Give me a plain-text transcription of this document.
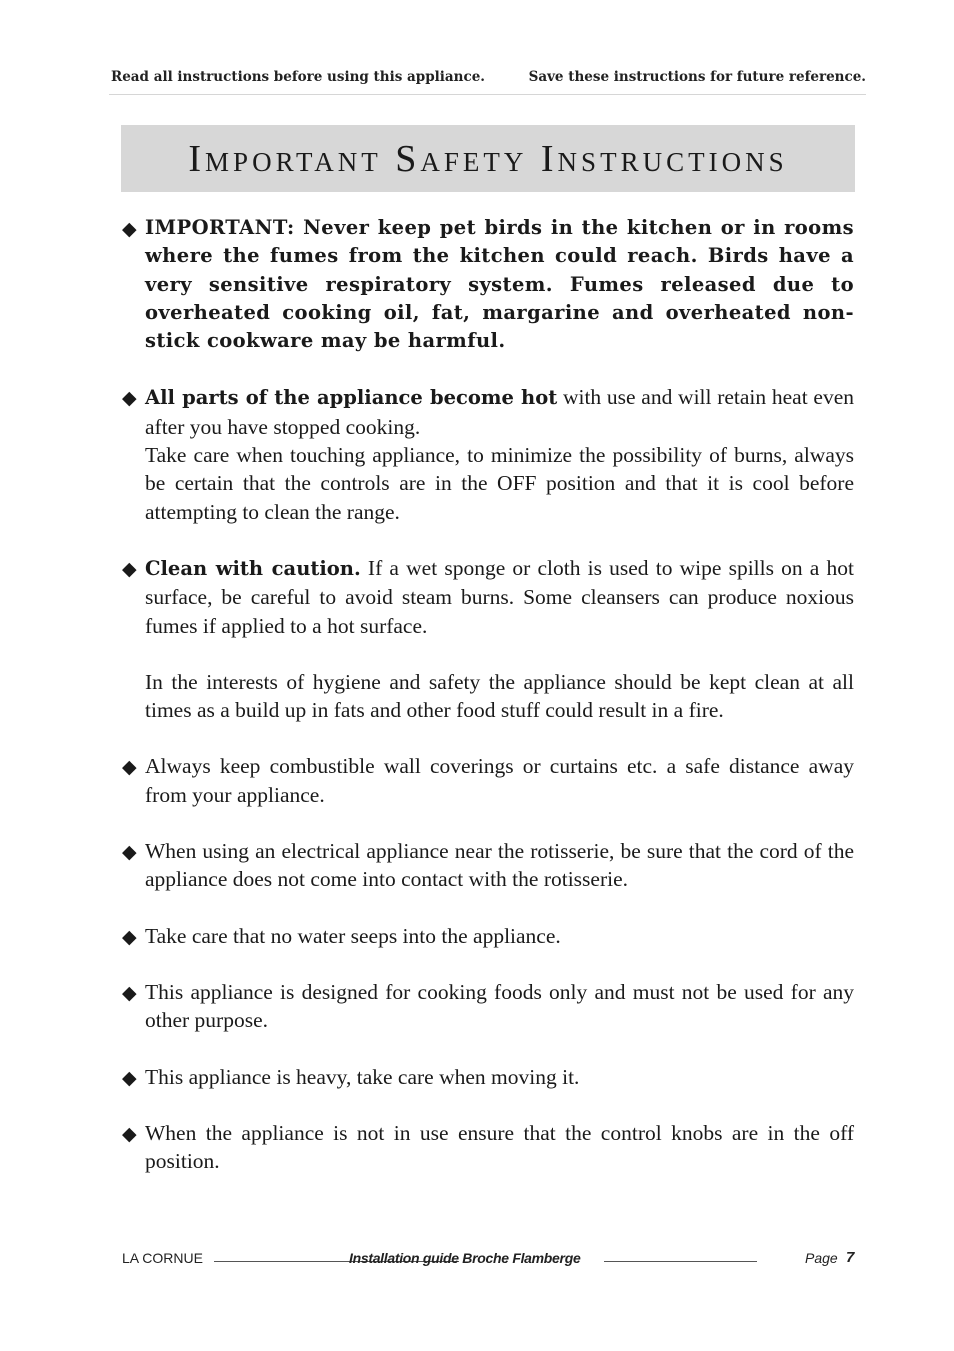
Read all instructions before using this appliance.	Save these instructions for future reference.
Important Safety Instructions
◆ IMPORTANT: Never keep pet birds in the kitchen or in rooms where the fumes from the kitchen could reach. Birds have a very sensitive respiratory system. Fumes released due to overheated cooking oil, fat, margarine and overheated non-stick cookware may be harmful.

◆ All parts of the appliance become hot with use and will retain heat even after you have stopped cooking.

Take care when touching appliance, to minimize the possibility of burns, always be certain that the controls are in the OFF position and that it is cool before attempting to clean the range.

◆ Clean with caution. If a wet sponge or cloth is used to wipe spills on a hot surface, be careful to avoid steam burns. Some cleansers can produce noxious fumes if applied to a hot surface.

In the interests of hygiene and safety the appliance should be kept clean at all times as a build up in fats and other food stuff could result in a fire.

◆ Always keep combustible wall coverings or curtains etc. a safe distance away from your appliance.

◆ When using an electrical appliance near the rotisserie, be sure that the cord of the appliance does not come into contact with the rotisserie.

◆ Take care that no water seeps into the appliance.

◆ This appliance is designed for cooking foods only and must not be used for any other purpose.

◆ This appliance is heavy, take care when moving it.

◆ When the appliance is not in use ensure that the control knobs are in the off position.

LA CORNUE	Installation guide Broche Flamberge	Page 7
